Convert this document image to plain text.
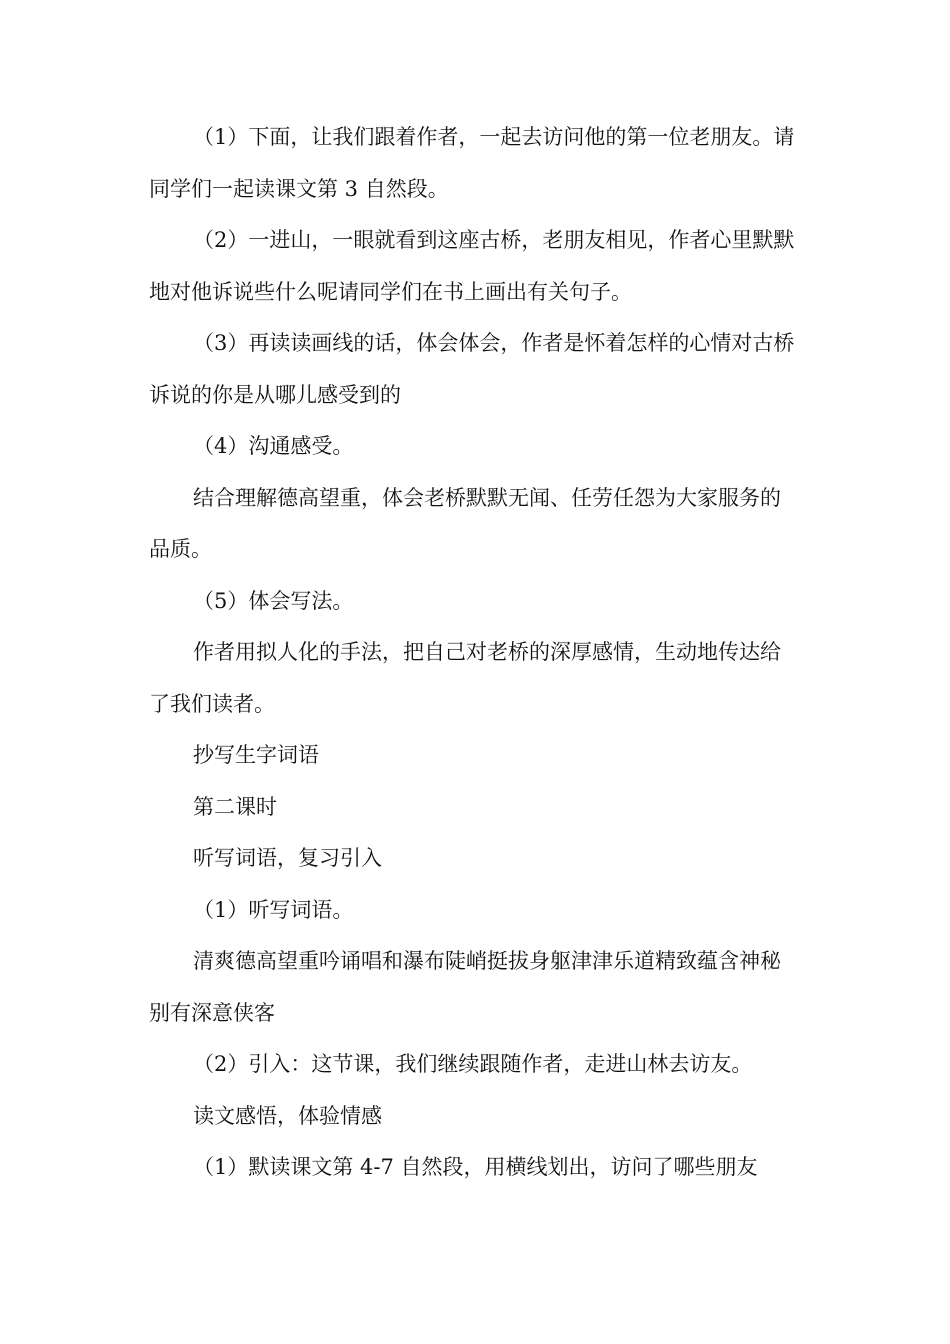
（1）下面，让我们跟着作者，一起去访问他的第一位老朋友。请同学们一起读课文第 3 自然段。

（2）一进山，一眼就看到这座古桥，老朋友相见，作者心里默默地对他诉说些什么呢请同学们在书上画出有关句子。

（3）再读读画线的话，体会体会，作者是怀着怎样的心情对古桥诉说的你是从哪儿感受到的

（4）沟通感受。

结合理解德高望重，体会老桥默默无闻、任劳任怨为大家服务的品质。

（5）体会写法。

作者用拟人化的手法，把自己对老桥的深厚感情，生动地传达给了我们读者。

抄写生字词语

第二课时

听写词语，复习引入

（1）听写词语。

清爽德高望重吟诵唱和瀑布陡峭挺拔身躯津津乐道精致蕴含神秘别有深意侠客

（2）引入：这节课，我们继续跟随作者，走进山林去访友。

读文感悟，体验情感

（1）默读课文第 4-7 自然段，用横线划出，访问了哪些朋友
